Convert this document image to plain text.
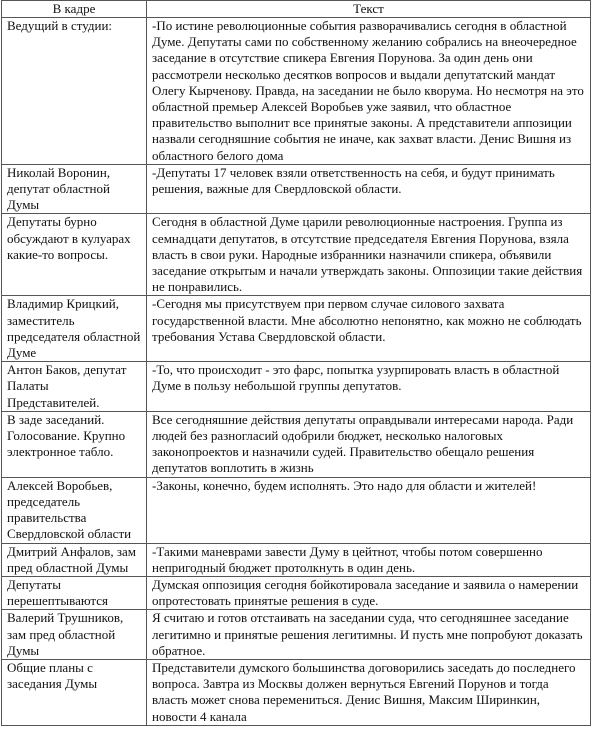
В кадре	Текст
Ведущий в студии:	-По истине революционные события разворачивались сегодня в областной Думе. Депутаты сами по собственному желанию собрались на внеочередное заседание в отсутствие спикера Евгения Порунова. За один день они рассмотрели несколько десятков вопросов и выдали депутатский мандат Олегу Кырченову. Правда, на заседании не было кворума. Но несмотря на это областной премьер Алексей Воробьев уже заявил, что областное правительство выполнит все принятые законы. А представители аппозиции назвали сегодняшние события не иначе, как захват власти. Денис Вишня из областного белого дома
Николай Воронин, депутат областной Думы	-Депутаты 17 человек взяли ответственность на себя, и будут принимать решения, важные для Свердловской области.
Депутаты бурно обсуждают в кулуарах какие-то вопросы.	Сегодня в областной Думе царили революционные настроения. Группа из семнадцати депутатов, в отсутствие председателя Евгения Порунова, взяла власть в свои руки. Народные избранники назначили спикера, объявили заседание открытым и начали утверждать законы. Оппозиции такие действия не понравились.
Владимир Крицкий, заместитель председателя областной Думе	-Сегодня мы присутствуем при первом случае силового захвата государственной власти. Мне абсолютно непонятно, как можно не соблюдать требования Устава Свердловской области.
Антон Баков, депутат Палаты Представителей.	-То, что происходит - это фарс, попытка узурпировать власть в областной Думе в пользу небольшой группы депутатов.
В заде заседаний. Голосование. Крупно электронное табло.	Все сегодняшние действия депутаты оправдывали интересами народа. Ради людей без разногласий одобрили бюджет, несколько налоговых законопроектов и назначили судей. Правительство обещало решения депутатов воплотить в жизнь
Алексей Воробьев, председатель правительства Свердловской области	-Законы, конечно, будем исполнять. Это надо для области и жителей!
Дмитрий Анфалов, зам пред областной Думы	-Такими маневрами завести Думу в цейтнот, чтобы потом совершенно непригодный бюджет протолкнуть в один день.
Депутаты перешептываются	Думская оппозиция сегодня бойкотировала заседание и заявила о намерении опротестовать принятые решения в суде.
Валерий Трушников, зам пред областной Думы	Я считаю и готов отстаивать на заседании суда, что сегодняшнее заседание легитимно и принятые решения легитимны. И пусть мне попробуют доказать обратное.
Общие планы с заседания Думы	Представители думского большинства договорились заседать до последнего вопроса. Завтра из Москвы должен вернуться Евгений Порунов и тогда власть может снова перемениться. Денис Вишня, Максим Ширинкин, новости 4 канала
